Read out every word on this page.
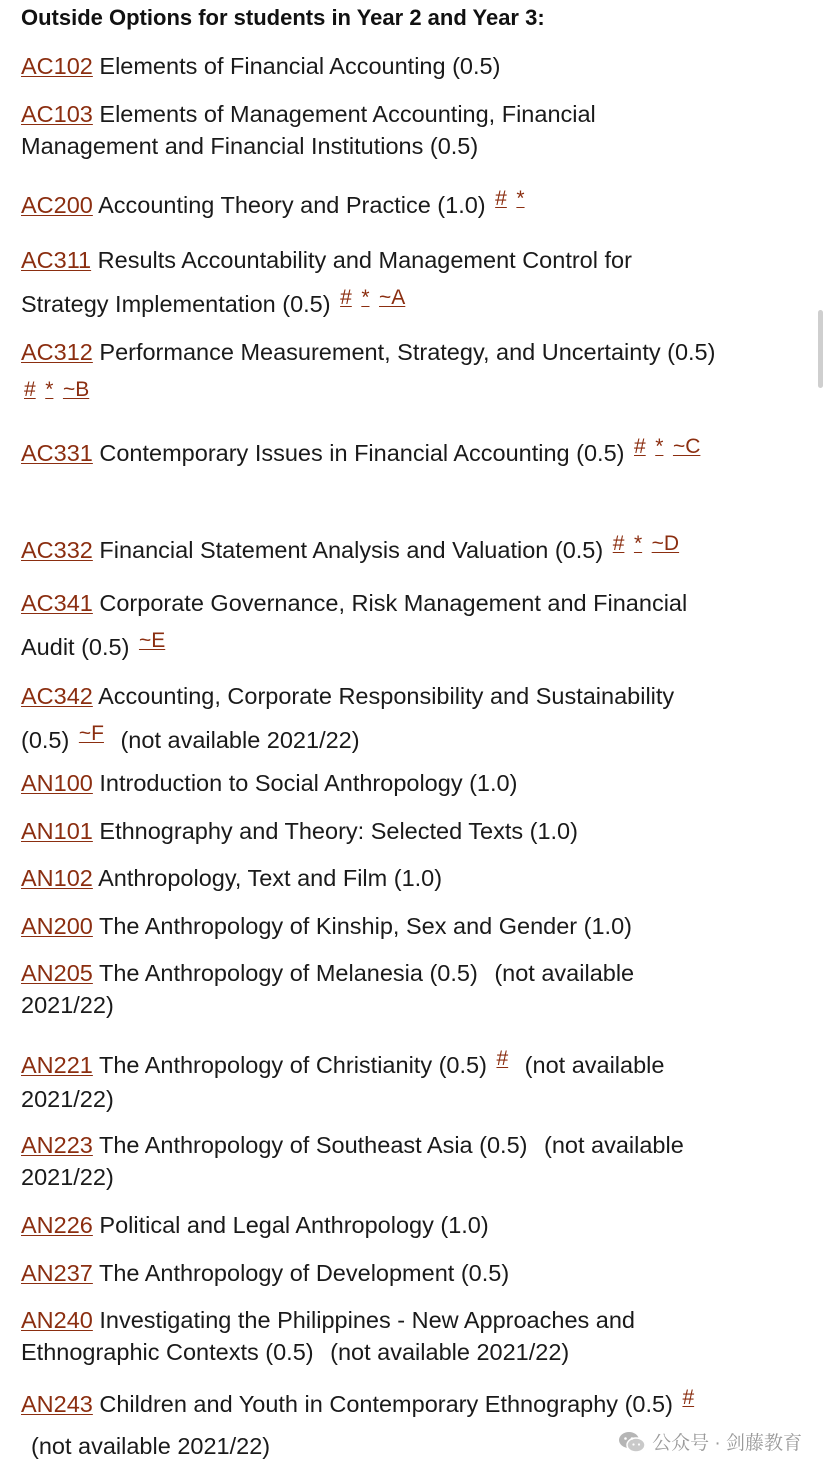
Outside Options for students in Year 2 and Year 3:
AC102 Elements of Financial Accounting (0.5)
AC103 Elements of Management Accounting, Financial Management and Financial Institutions (0.5)
AC200 Accounting Theory and Practice (1.0) # *
AC311 Results Accountability and Management Control for Strategy Implementation (0.5) # * ~A
AC312 Performance Measurement, Strategy, and Uncertainty (0.5) # * ~B
AC331 Contemporary Issues in Financial Accounting (0.5) # * ~C
AC332 Financial Statement Analysis and Valuation (0.5) # * ~D
AC341 Corporate Governance, Risk Management and Financial Audit (0.5) ~E
AC342 Accounting, Corporate Responsibility and Sustainability (0.5) ~F (not available 2021/22)
AN100 Introduction to Social Anthropology (1.0)
AN101 Ethnography and Theory: Selected Texts (1.0)
AN102 Anthropology, Text and Film (1.0)
AN200 The Anthropology of Kinship, Sex and Gender (1.0)
AN205 The Anthropology of Melanesia (0.5) (not available 2021/22)
AN221 The Anthropology of Christianity (0.5) # (not available 2021/22)
AN223 The Anthropology of Southeast Asia (0.5) (not available 2021/22)
AN226 Political and Legal Anthropology (1.0)
AN237 The Anthropology of Development (0.5)
AN240 Investigating the Philippines - New Approaches and Ethnographic Contexts (0.5) (not available 2021/22)
AN243 Children and Youth in Contemporary Ethnography (0.5) # (not available 2021/22)	公众号 · 剑藤教育
